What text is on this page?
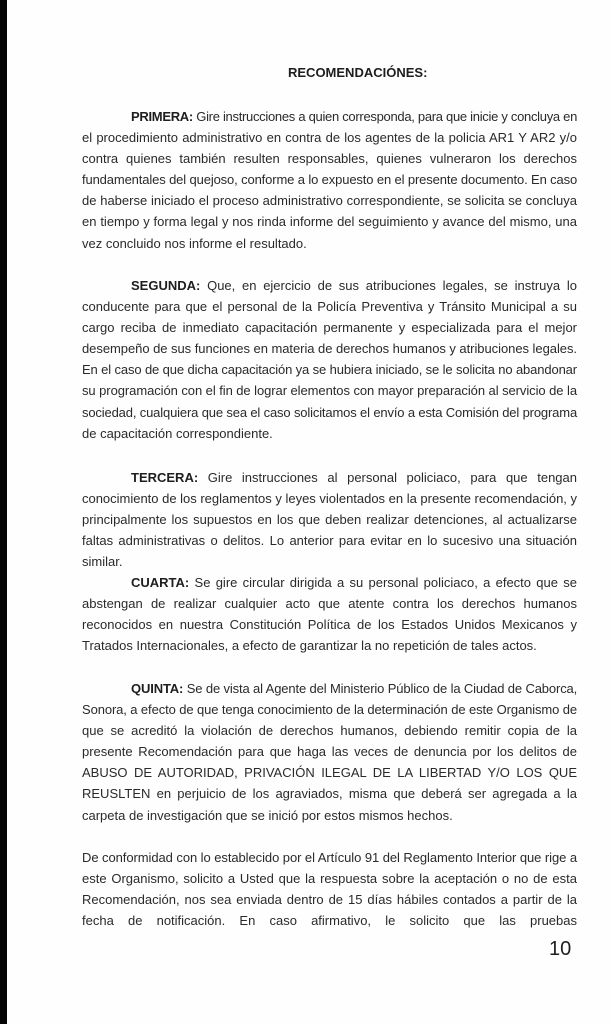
RECOMENDACIÓNES:
PRIMERA: Gire instrucciones a quien corresponda, para que inicie y concluya en
el procedimiento administrativo en contra de los agentes de la policia AR1 Y AR2 y/o
contra quienes también resulten responsables, quienes vulneraron los derechos
fundamentales del quejoso, conforme a lo expuesto en el presente documento. En caso
de haberse iniciado el proceso administrativo correspondiente, se solicita se concluya
en tiempo y forma legal y nos rinda informe del seguimiento y avance del mismo, una
vez concluido nos informe el resultado.
SEGUNDA: Que, en ejercicio de sus atribuciones legales, se instruya lo
conducente para que el personal de la Policía Preventiva y Tránsito Municipal a su
cargo reciba de inmediato capacitación permanente y especializada para el mejor
desempeño de sus funciones en materia de derechos humanos y atribuciones legales.
En el caso de que dicha capacitación ya se hubiera iniciado, se le solicita no abandonar
su programación con el fin de lograr elementos con mayor preparación al servicio de la
sociedad, cualquiera que sea el caso solicitamos el envío a esta Comisión del programa
de capacitación correspondiente.
TERCERA: Gire instrucciones al personal policiaco, para que tengan
conocimiento de los reglamentos y leyes violentados en la presente recomendación, y
principalmente los supuestos en los que deben realizar detenciones, al actualizarse
faltas administrativas o delitos. Lo anterior para evitar en lo sucesivo una situación
similar.
CUARTA: Se gire circular dirigida a su personal policiaco, a efecto que se
abstengan de realizar cualquier acto que atente contra los derechos humanos
reconocidos en nuestra Constitución Política de los Estados Unidos Mexicanos y
Tratados Internacionales, a efecto de garantizar la no repetición de tales actos.
QUINTA: Se de vista al Agente del Ministerio Público de la Ciudad de Caborca,
Sonora, a efecto de que tenga conocimiento de la determinación de este Organismo de
que se acreditó la violación de derechos humanos, debiendo remitir copia de la
presente Recomendación para que haga las veces de denuncia por los delitos de
ABUSO DE AUTORIDAD, PRIVACIÓN ILEGAL DE LA LIBERTAD Y/O LOS QUE
REUSLTEN en perjuicio de los agraviados, misma que deberá ser agregada a la
carpeta de investigación que se inició por estos mismos hechos.
De conformidad con lo establecido por el Artículo 91 del Reglamento Interior que rige a
este Organismo, solicito a Usted que la respuesta sobre la aceptación o no de esta
Recomendación, nos sea enviada dentro de 15 días hábiles contados a partir de la
fecha de notificación. En caso afirmativo, le solicito que las pruebas
10
